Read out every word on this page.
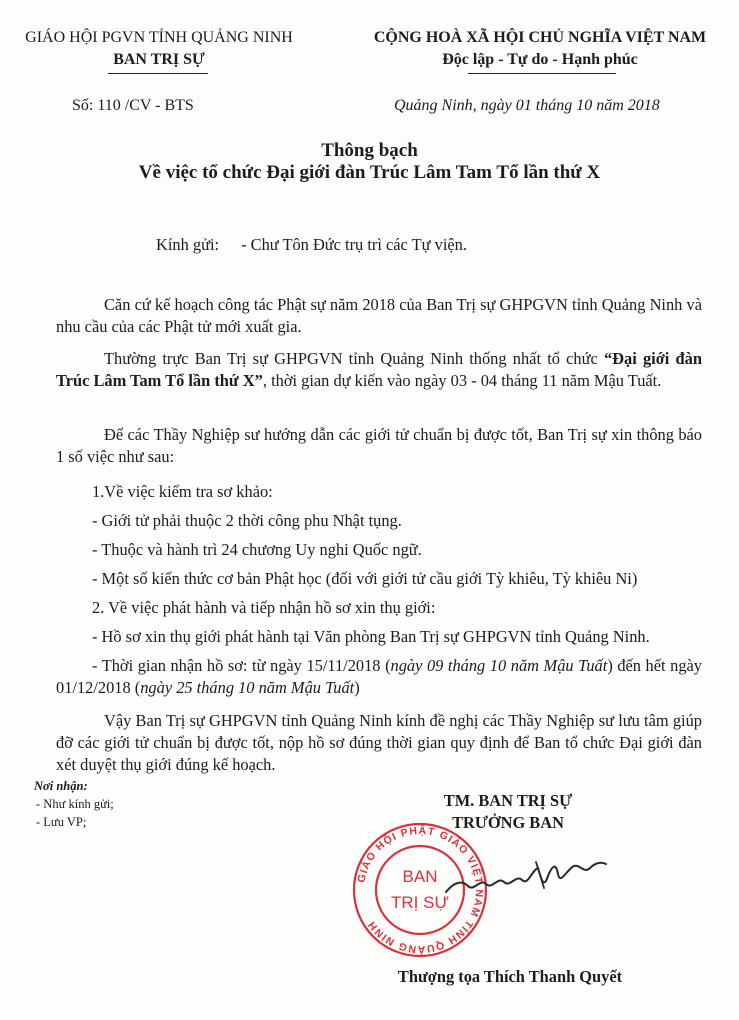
GIÁO HỘI PGVN TỈNH QUẢNG NINH
BAN TRỊ SỰ
Số: 110 /CV - BTS
CỘNG HOÀ XÃ HỘI CHỦ NGHĨA VIỆT NAM
Độc lập - Tự do - Hạnh phúc
Quảng Ninh, ngày 01 tháng 10 năm 2018
Thông bạch
Về việc tổ chức Đại giới đàn Trúc Lâm Tam Tổ lần thứ X
Kính gửi: - Chư Tôn Đức trụ trì các Tự viện.
Căn cứ kế hoạch công tác Phật sự năm 2018 của Ban Trị sự GHPGVN tỉnh Quảng Ninh và nhu cầu của các Phật tử mới xuất gia.
Thường trực Ban Trị sự GHPGVN tỉnh Quảng Ninh thống nhất tổ chức “Đại giới đàn Trúc Lâm Tam Tổ lần thứ X”, thời gian dự kiến vào ngày 03 - 04 tháng 11 năm Mậu Tuất.
Để các Thầy Nghiệp sư hướng dẫn các giới tử chuẩn bị được tốt, Ban Trị sự xin thông báo 1 số việc như sau:
1.Về việc kiểm tra sơ khảo:
- Giới tử phải thuộc 2 thời công phu Nhật tụng.
- Thuộc và hành trì 24 chương Uy nghi Quốc ngữ.
- Một số kiến thức cơ bản Phật học (đối với giới tử cầu giới Tỳ khiêu, Tỳ khiêu Ni)
2. Về việc phát hành và tiếp nhận hồ sơ xin thụ giới:
- Hồ sơ xin thụ giới phát hành tại Văn phòng Ban Trị sự GHPGVN tỉnh Quảng Ninh.
- Thời gian nhận hồ sơ: từ ngày 15/11/2018 (ngày 09 tháng 10 năm Mậu Tuất) đến hết ngày 01/12/2018 (ngày 25 tháng 10 năm Mậu Tuất)
Vậy Ban Trị sự GHPGVN tỉnh Quảng Ninh kính đề nghị các Thầy Nghiệp sư lưu tâm giúp đỡ các giới tử chuẩn bị được tốt, nộp hồ sơ đúng thời gian quy định để Ban tổ chức Đại giới đàn xét duyệt thụ giới đúng kế hoạch.
Nơi nhận:
- Như kính gửi;
- Lưu VP;
TM. BAN TRỊ SỰ
TRƯỞNG BAN
GIÁO HỘI PHẬT GIÁO VIỆT NAM TỈNH QUẢNG NINH
BAN
TRỊ SỰ
Thượng tọa Thích Thanh Quyết
